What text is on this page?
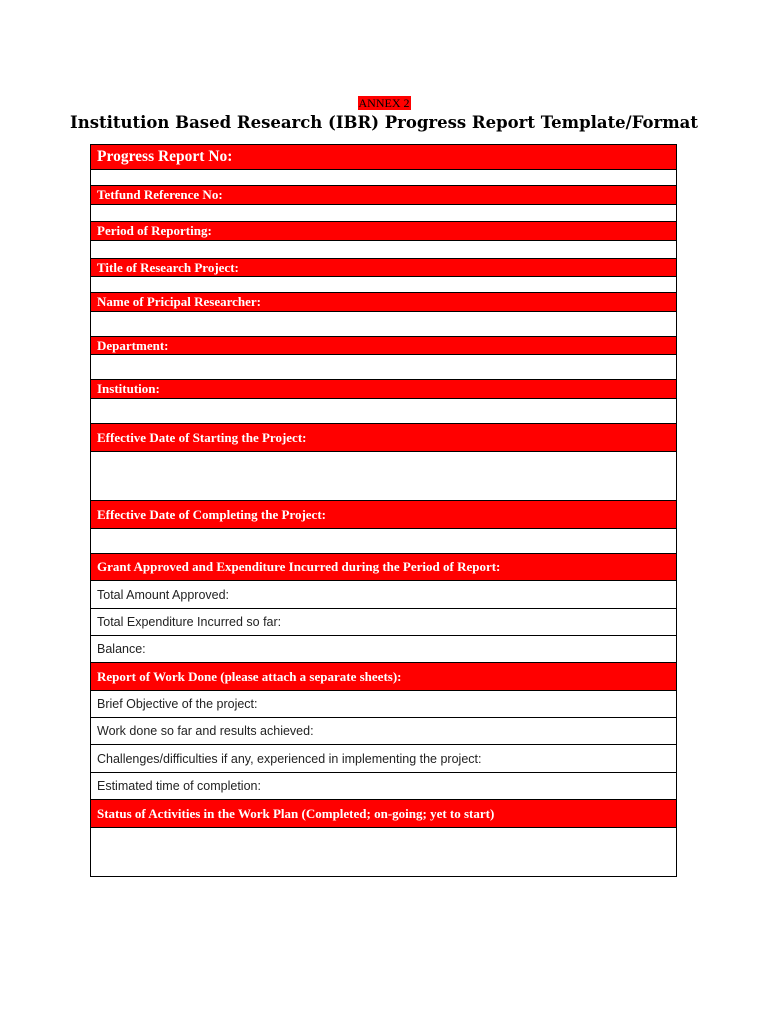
ANNEX 2
Institution Based Research (IBR) Progress Report Template/Format
Progress Report No:
Tetfund Reference No:
Period of Reporting:
Title of Research Project:
Name of Pricipal Researcher:
Department:
Institution:
Effective Date of Starting the Project:
Effective Date of Completing the Project:
Grant Approved and Expenditure Incurred during the Period of Report:
Total Amount Approved:
Total Expenditure Incurred so far:
Balance:
Report of Work Done (please attach a separate sheets):
Brief Objective of the project:
Work done so far and results achieved:
Challenges/difficulties if any, experienced in implementing the project:
Estimated time of completion:
Status of Activities in the Work Plan (Completed; on-going; yet to start)
